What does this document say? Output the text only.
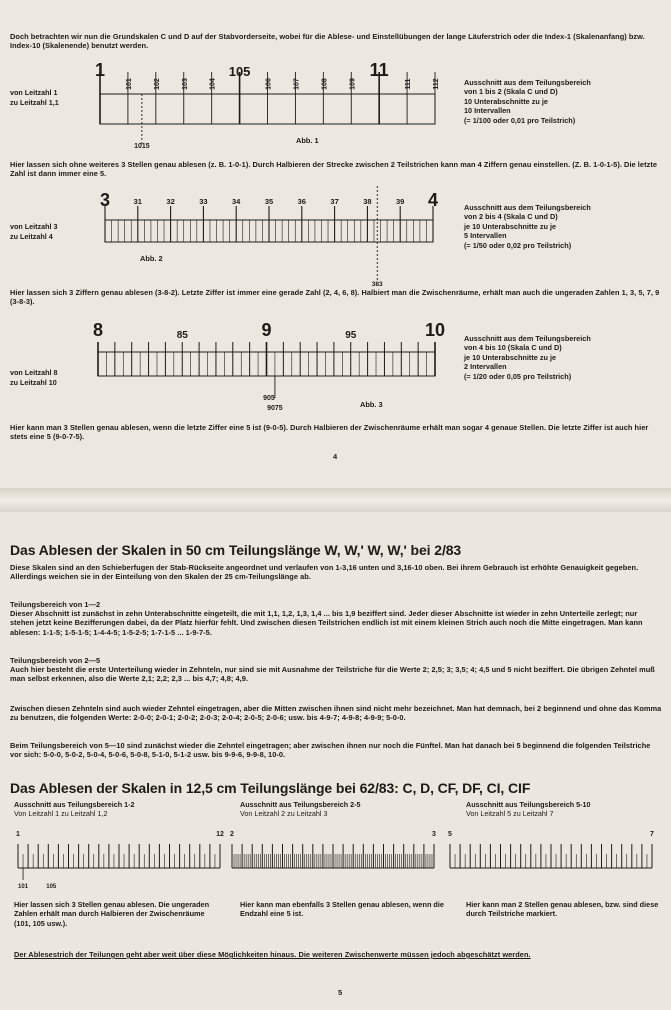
Doch betrachten wir nun die Grundskalen C und D auf der Stabvorderseite, wobei für die Ablese- und Einstellübungen der lange Läuferstrich oder die Index-1 (Skalenanfang) bzw. Index-10 (Skalenende) benutzt werden.
von Leitzahl 1
zu Leitzahl 1,1
1	105	11
101	102	103	104	106	107	108	109	111	112
1015
Abb. 1
Ausschnitt aus dem Teilungsbereich
von 1 bis 2 (Skala C und D)
10 Unterabschnitte zu je
10 Intervallen
(= 1/100 oder 0,01 pro Teilstrich)
Hier lassen sich ohne weiteres 3 Stellen genau ablesen (z. B. 1-0-1). Durch Halbieren der Strecke zwischen 2 Teilstrichen kann man 4 Ziffern genau einstellen. (Z. B. 1-0-1-5). Die letzte Zahl ist dann immer eine 5.
von Leitzahl 3
zu Leitzahl 4
3	4
31	32	33	34	35	36	37	38	39
383
Abb. 2
Ausschnitt aus dem Teilungsbereich
von 2 bis 4 (Skala C und D)
je 10 Unterabschnitte zu je
5 Intervallen
(= 1/50 oder 0,02 pro Teilstrich)
Hier lassen sich 3 Ziffern genau ablesen (3-8-2). Letzte Ziffer ist immer eine gerade Zahl (2, 4, 6, 8). Halbiert man die Zwischenräume, erhält man auch die ungeraden Zahlen 1, 3, 5, 7, 9 (3-8-3).
von Leitzahl 8
zu Leitzahl 10
8	9	10
85	95
905
9075	Abb. 3
Ausschnitt aus dem Teilungsbereich
von 4 bis 10 (Skala C und D)
je 10 Unterabschnitte zu je
2 Intervallen
(= 1/20 oder 0,05 pro Teilstrich)
Hier kann man 3 Stellen genau ablesen, wenn die letzte Ziffer eine 5 ist (9-0-5). Durch Halbieren der Zwischenräume erhält man sogar 4 genaue Stellen. Die letzte Ziffer ist auch hier stets eine 5 (9-0-7-5).
4
Das Ablesen der Skalen in 50 cm Teilungslänge W, W,' W, W,' bei 2/83
Diese Skalen sind an den Schieberfugen der Stab-Rückseite angeordnet und verlaufen von 1-3,16 unten und 3,16-10 oben. Bei ihrem Gebrauch ist erhöhte Genauigkeit gegeben. Allerdings weichen sie in der Einteilung von den Skalen der 25 cm-Teilungslänge ab.
Teilungsbereich von 1—2
Dieser Abschnitt ist zunächst in zehn Unterabschnitte eingeteilt, die mit 1,1, 1,2, 1,3, 1,4 ... bis 1,9 beziffert sind. Jeder dieser Abschnitte ist wieder in zehn Unterteile zerlegt; nur stehen jetzt keine Bezifferungen dabei, da der Platz hierfür fehlt. Und zwischen diesen Teilstrichen endlich ist mit einem kleinen Strich auch noch die Mitte eingetragen. Man kann ablesen: 1-1-5; 1-5-1-5; 1-4-4-5; 1-5-2-5; 1-7-1-5 ... 1-9-7-5.
Teilungsbereich von 2—5
Auch hier besteht die erste Unterteilung wieder in Zehnteln, nur sind sie mit Ausnahme der Teilstriche für die Werte 2; 2,5; 3; 3,5; 4; 4,5 und 5 nicht beziffert. Die übrigen Zehntel muß man selbst erkennen, also die Werte 2,1; 2,2; 2,3 ... bis 4,7; 4,8; 4,9.
Zwischen diesen Zehnteln sind auch wieder Zehntel eingetragen, aber die Mitten zwischen ihnen sind nicht mehr bezeichnet. Man hat demnach, bei 2 beginnend und ohne das Komma zu benutzen, die folgenden Werte: 2-0-0; 2-0-1; 2-0-2; 2-0-3; 2-0-4; 2-0-5; 2-0-6; usw. bis 4-9-7; 4-9-8; 4-9-9; 5-0-0.
Beim Teilungsbereich von 5—10 sind zunächst wieder die Zehntel eingetragen; aber zwischen ihnen nur noch die Fünftel. Man hat danach bei 5 beginnend die folgenden Teilstriche vor sich: 5-0-0, 5-0-2, 5-0-4, 5-0-6, 5-0-8, 5-1-0, 5-1-2 usw. bis 9-9-6, 9-9-8, 10-0.
Das Ablesen der Skalen in 12,5 cm Teilungslänge bei 62/83: C, D, CF, DF, CI, CIF
Ausschnitt aus Teilungsbereich 1-2
Von Leitzahl 1 zu Leitzahl 1,2
Ausschnitt aus Teilungsbereich 2-5
Von Leitzahl 2 zu Leitzahl 3
Ausschnitt aus Teilungsbereich 5-10
Von Leitzahl 5 zu Leitzahl 7
1	12
101	105
2	3 5	7
Hier lassen sich 3 Stellen genau ablesen. Die ungeraden Zahlen erhält man durch Halbieren der Zwischenräume (101, 105 usw.).
Hier kann man ebenfalls 3 Stellen genau ablesen, wenn die Endzahl eine 5 ist.
Hier kann man 2 Stellen genau ablesen, bzw. sind diese durch Teilstriche markiert.
Der Ablesestrich der Teilungen geht aber weit über diese Möglichkeiten hinaus. Die weiteren Zwischenwerte müssen jedoch abgeschätzt werden.
5
